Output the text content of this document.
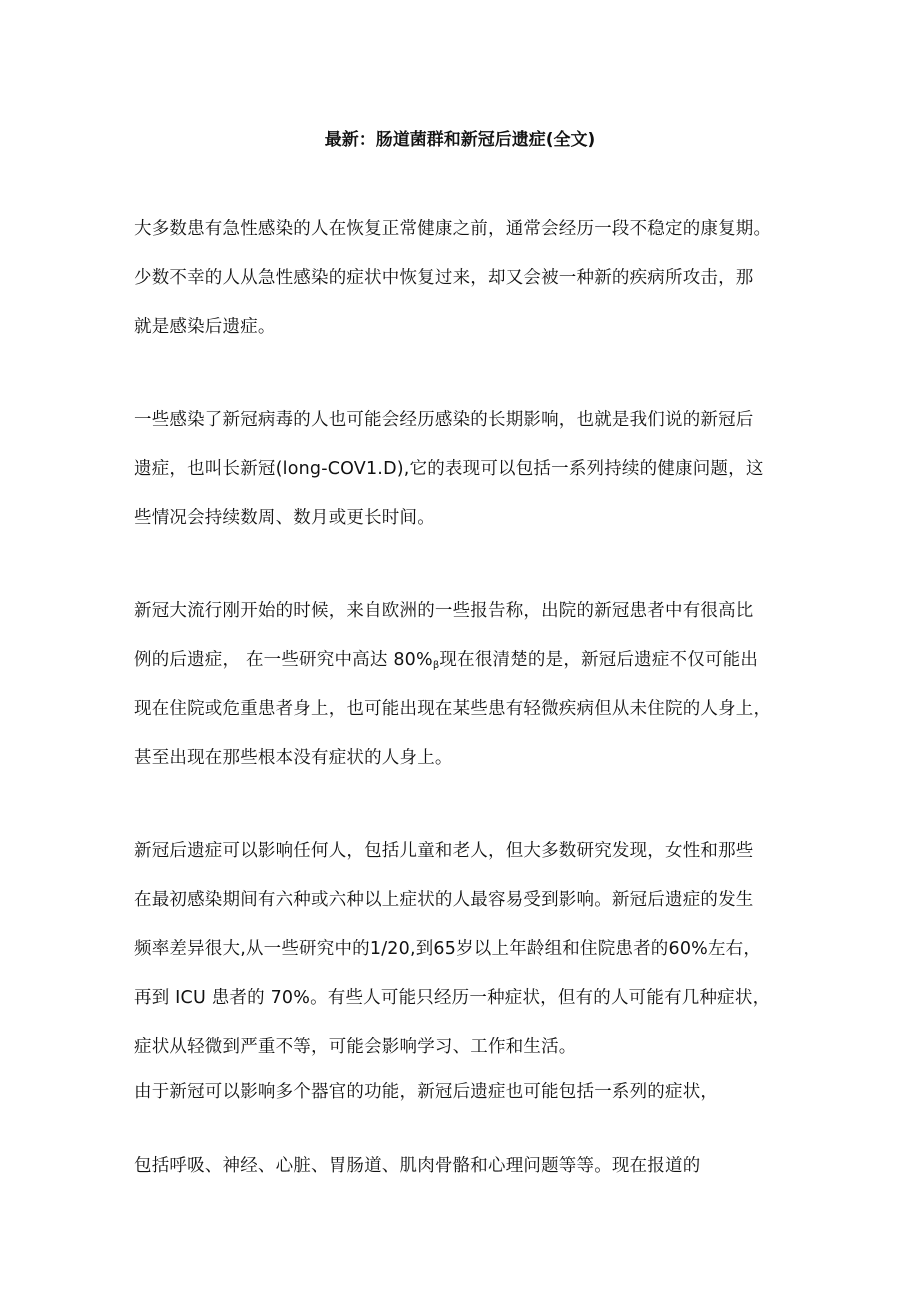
最新：肠道菌群和新冠后遗症(全文)
大多数患有急性感染的人在恢复正常健康之前，通常会经历一段不稳定的康复期。
少数不幸的人从急性感染的症状中恢复过来，却又会被一种新的疾病所攻击，那
就是感染后遗症。
一些感染了新冠病毒的人也可能会经历感染的长期影响，也就是我们说的新冠后
遗症，也叫长新冠(long-COV1.D),它的表现可以包括一系列持续的健康问题，这
些情况会持续数周、数月或更长时间。
新冠大流行刚开始的时候，来自欧洲的一些报告称，出院的新冠患者中有很高比
例的后遗症， 在一些研究中高达 $80\%_\beta$现在很清楚的是，新冠后遗症不仅可能出
现在住院或危重患者身上，也可能出现在某些患有轻微疾病但从未住院的人身上，
甚至出现在那些根本没有症状的人身上。
新冠后遗症可以影响任何人，包括儿童和老人，但大多数研究发现，女性和那些
在最初感染期间有六种或六种以上症状的人最容易受到影响。新冠后遗症的发生
频率差异很大,从一些研究中的1/20,到65岁以上年龄组和住院患者的60%左右，
再到 ICU 患者的 70%。有些人可能只经历一种症状，但有的人可能有几种症状，
症状从轻微到严重不等，可能会影响学习、工作和生活。
由于新冠可以影响多个器官的功能，新冠后遗症也可能包括一系列的症状，
包括呼吸、神经、心脏、胃肠道、肌肉骨骼和心理问题等等。现在报道的
